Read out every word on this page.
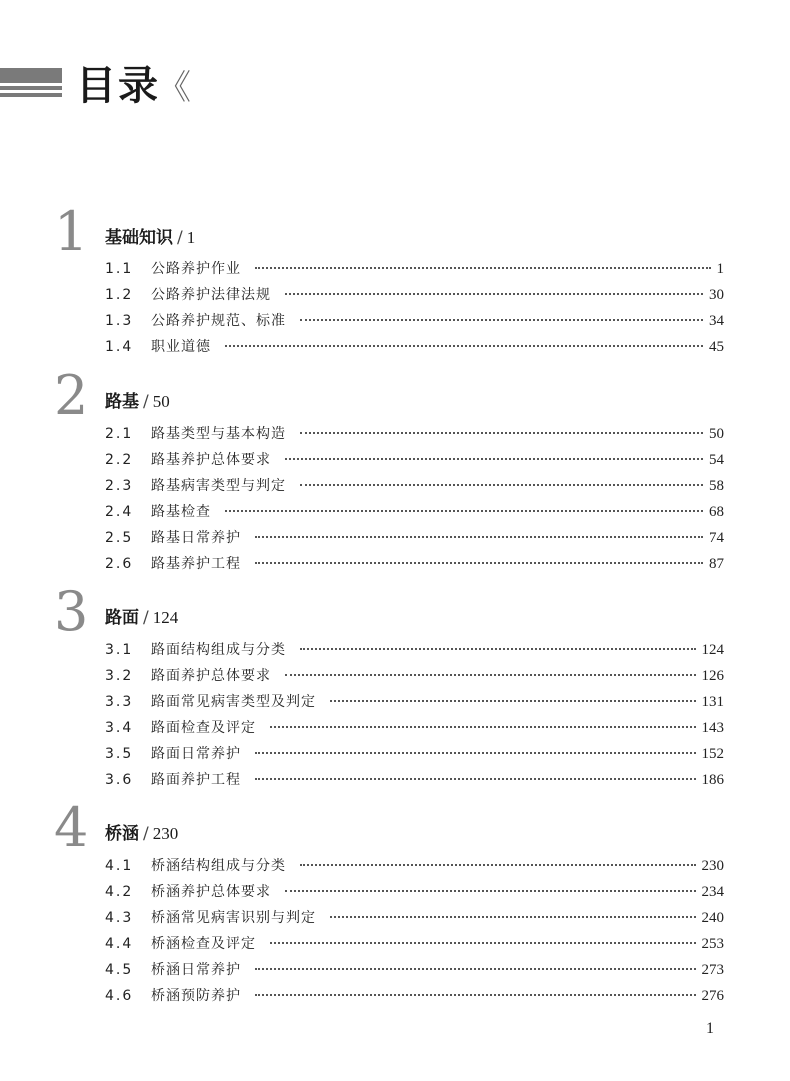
目录
《
1 基础知识 / 1
1.1	公路养护作业	1
1.2	公路养护法律法规	30
1.3	公路养护规范、标准	34
1.4	职业道德	45
2 路基 / 50
2.1	路基类型与基本构造	50
2.2	路基养护总体要求	54
2.3	路基病害类型与判定	58
2.4	路基检查	68
2.5	路基日常养护	74
2.6	路基养护工程	87
3 路面 / 124
3.1	路面结构组成与分类	124
3.2	路面养护总体要求	126
3.3	路面常见病害类型及判定	131
3.4	路面检查及评定	143
3.5	路面日常养护	152
3.6	路面养护工程	186
4 桥涵 / 230
4.1	桥涵结构组成与分类	230
4.2	桥涵养护总体要求	234
4.3	桥涵常见病害识别与判定	240
4.4	桥涵检查及评定	253
4.5	桥涵日常养护	273
4.6	桥涵预防养护	276
1
